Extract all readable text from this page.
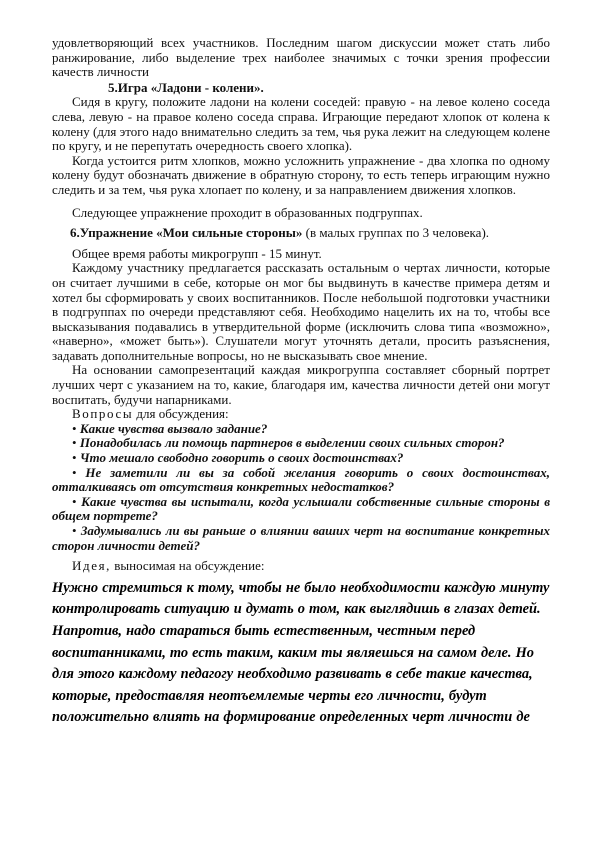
удовлетворяющий всех участников. Последним шагом дискуссии может стать либо ранжирование, либо выделение трех наиболее значимых с точки зрения профессии качеств личности

5.Игра «Ладони - колени».

Сидя в кругу, положите ладони на колени соседей: правую - на левое колено соседа слева, левую - на правое колено соседа справа. Играющие передают хлопок от колена к колену (для этого надо внимательно следить за тем, чья рука лежит на следующем колене по кругу, и не перепутать очередность своего хлопка).

Когда устоится ритм хлопков, можно усложнить упражнение - два хлопка по одному колену будут обозначать движение в обратную сторону, то есть теперь играющим нужно следить и за тем, чья рука хлопает по колену, и за направлением движения хлопков.

Следующее упражнение проходит в образованных подгруппах.

6.Упражнение «Мои сильные стороны» (в малых группах по 3 человека).

Общее время работы микрогрупп - 15 минут.

Каждому участнику предлагается рассказать остальным о чертах личности, которые он считает лучшими в себе, которые он мог бы выдвинуть в качестве примера детям и хотел бы сформировать у своих воспитанников. После небольшой подготовки участники в подгруппах по очереди представляют себя. Необходимо нацелить их на то, чтобы все высказывания подавались в утвердительной форме (исключить слова типа «возможно», «наверно», «может быть»). Слушатели могут уточнять детали, просить разъяснения, задавать дополнительные вопросы, но не высказывать свое мнение.

На основании самопрезентаций каждая микрогруппа составляет сборный портрет лучших черт с указанием на то, какие, благодаря им, качества личности детей они могут воспитать, будучи напарниками.

Вопросы для обсуждения:

• Какие чувства вызвало задание?

• Понадобилась ли помощь партнеров в выделении своих сильных сторон?

• Что мешало свободно говорить о своих достоинствах?

• Не заметили ли вы за собой желания говорить о своих достоинствах, отталкиваясь от отсутствия конкретных недостатков?

• Какие чувства вы испытали, когда услышали собственные сильные стороны в общем портрете?

• Задумывались ли вы раньше о влиянии ваших черт на воспитание конкретных сторон личности детей?

Идея, выносимая на обсуждение:

Нужно стремиться к тому, чтобы не было необходимости каждую минуту контролировать ситуацию и думать о том, как выглядишь в глазах детей. Напротив, надо стараться быть естественным, честным перед воспитанниками, то есть таким, каким ты являешься на самом деле. Но для этого каждому педагогу необходимо развивать в себе такие качества, которые, предоставляя неотъемлемые черты его личности, будут положительно влиять на формирование определенных черт личности де
